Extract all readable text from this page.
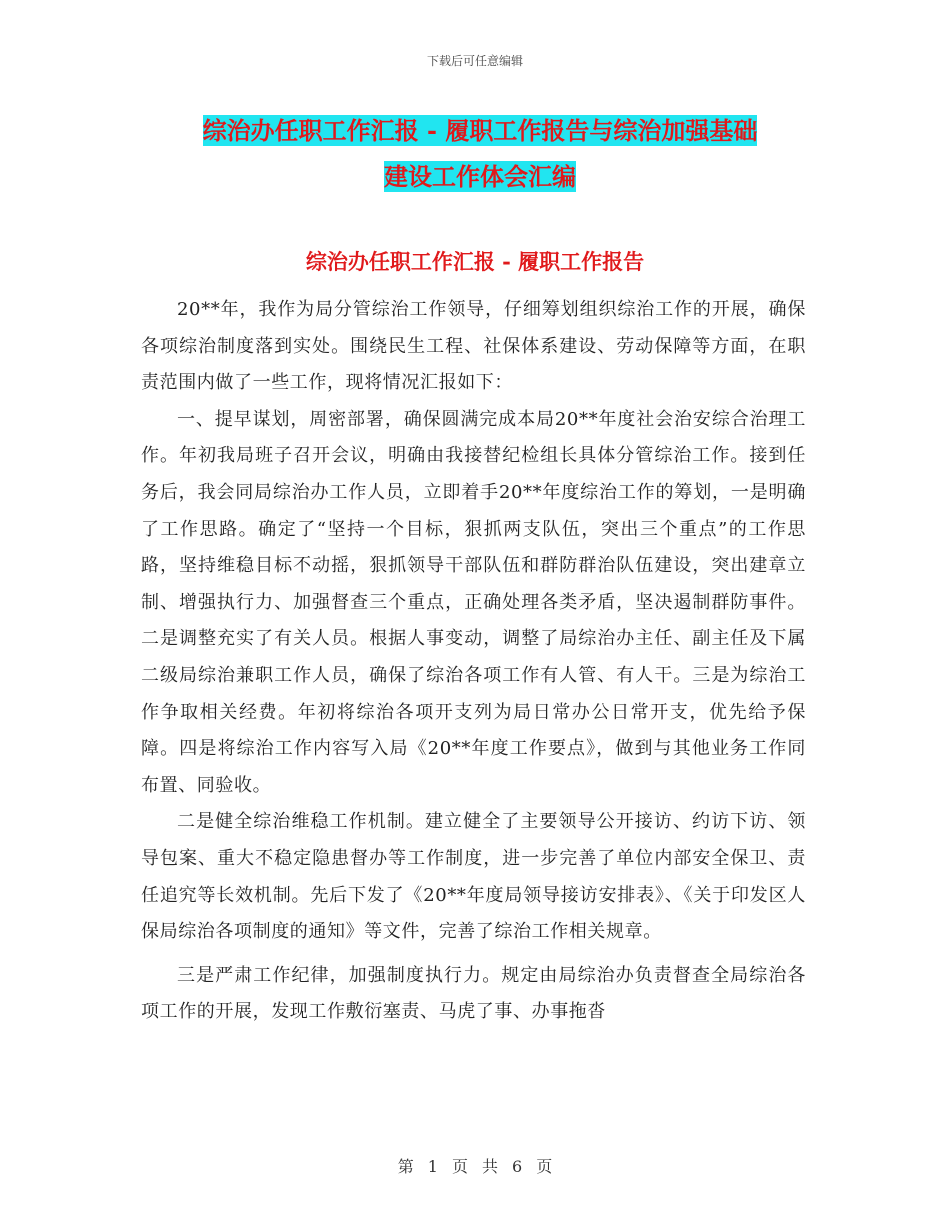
下载后可任意编辑
综治办任职工作汇报 - 履职工作报告与综治加强基础
建设工作体会汇编
综治办任职工作汇报 - 履职工作报告

20**年，我作为局分管综治工作领导，仔细筹划组织综治工作的开展，确保各项综治制度落到实处。围绕民生工程、社保体系建设、劳动保障等方面，在职责范围内做了一些工作，现将情况汇报如下：

一、提早谋划，周密部署，确保圆满完成本局20**年度社会治安综合治理工作。年初我局班子召开会议，明确由我接替纪检组长具体分管综治工作。接到任务后，我会同局综治办工作人员，立即着手20**年度综治工作的筹划，一是明确了工作思路。确定了“坚持一个目标，狠抓两支队伍，突出三个重点”的工作思路，坚持维稳目标不动摇，狠抓领导干部队伍和群防群治队伍建设，突出建章立制、增强执行力、加强督查三个重点，正确处理各类矛盾，坚决遏制群防事件。二是调整充实了有关人员。根据人事变动，调整了局综治办主任、副主任及下属二级局综治兼职工作人员，确保了综治各项工作有人管、有人干。三是为综治工作争取相关经费。年初将综治各项开支列为局日常办公日常开支，优先给予保障。四是将综治工作内容写入局《20**年度工作要点》，做到与其他业务工作同布置、同验收。

二是健全综治维稳工作机制。建立健全了主要领导公开接访、约访下访、领导包案、重大不稳定隐患督办等工作制度，进一步完善了单位内部安全保卫、责任追究等长效机制。先后下发了《20**年度局领导接访安排表》、《关于印发区人保局综治各项制度的通知》等文件，完善了综治工作相关规章。

三是严肃工作纪律，加强制度执行力。规定由局综治办负责督查全局综治各项工作的开展，发现工作敷衍塞责、马虎了事、办事拖沓

第 1 页 共 6 页
